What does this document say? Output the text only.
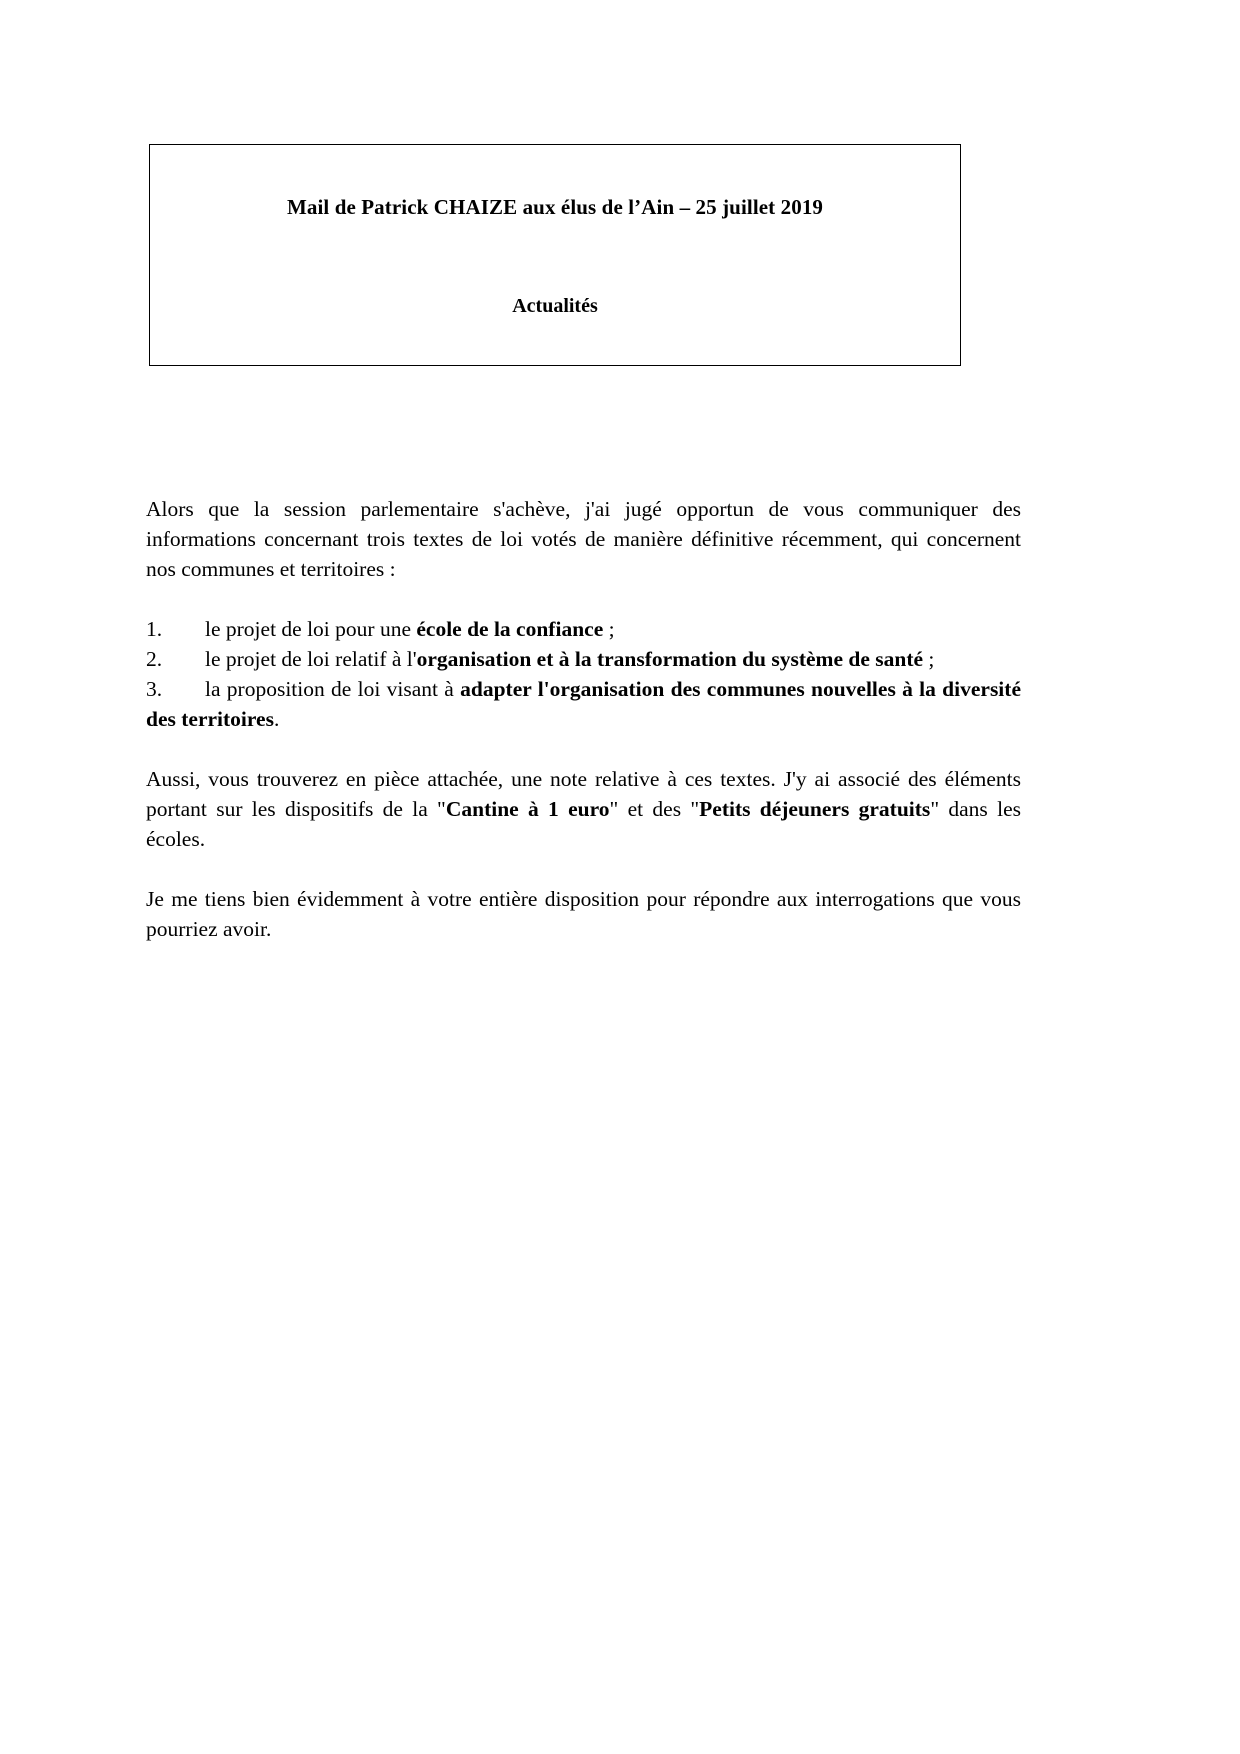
Mail de Patrick CHAIZE aux élus de l’Ain – 25 juillet 2019
Actualités

Alors que la session parlementaire s'achève, j'ai jugé opportun de vous communiquer des informations concernant trois textes de loi votés de manière définitive récemment, qui concernent nos communes et territoires :

1. le projet de loi pour une école de la confiance ;
2. le projet de loi relatif à l'organisation et à la transformation du système de santé ;
3. la proposition de loi visant à adapter l'organisation des communes nouvelles à la diversité des territoires.

Aussi, vous trouverez en pièce attachée, une note relative à ces textes. J'y ai associé des éléments portant sur les dispositifs de la "Cantine à 1 euro" et des "Petits déjeuners gratuits" dans les écoles.

Je me tiens bien évidemment à votre entière disposition pour répondre aux interrogations que vous pourriez avoir.
